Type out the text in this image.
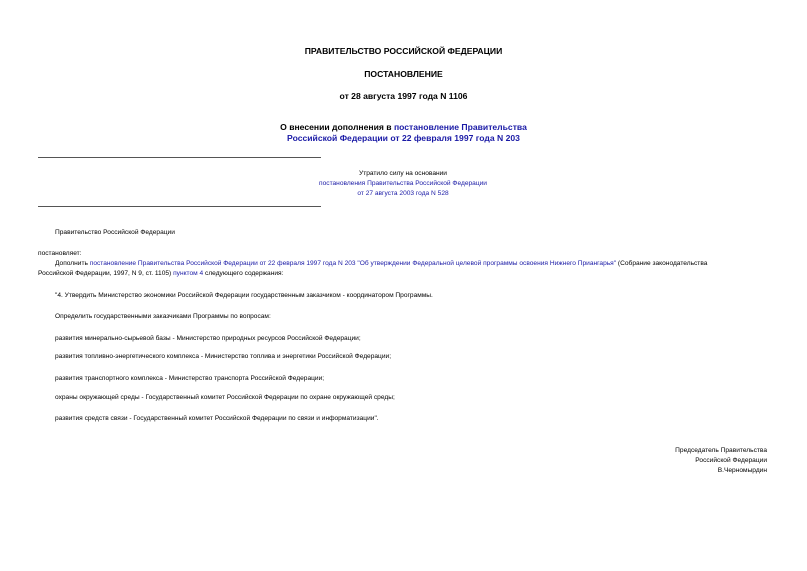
ПРАВИТЕЛЬСТВО РОССИЙСКОЙ ФЕДЕРАЦИИ
ПОСТАНОВЛЕНИЕ
от 28 августа 1997 года N 1106
О внесении дополнения в постановление Правительства
Российской Федерации от 22 февраля 1997 года N 203
Утратило силу на основании
постановления Правительства Российской Федерации
от 27 августа 2003 года N 528
Правительство Российской Федерации
постановляет:
Дополнить постановление Правительства Российской Федерации от 22 февраля 1997 года N 203 "Об утверждении Федеральной целевой программы освоения Нижнего Приангарья" (Собрание законодательства
Российской Федерации, 1997, N 9, ст. 1105) пунктом 4 следующего содержания:
"4. Утвердить Министерство экономики Российской Федерации государственным заказчиком - координатором Программы.
Определить государственными заказчиками Программы по вопросам:
развития минерально-сырьевой базы - Министерство природных ресурсов Российской Федерации;
развития топливно-энергетического комплекса - Министерство топлива и энергетики Российской Федерации;
развития транспортного комплекса - Министерство транспорта Российской Федерации;
охраны окружающей среды - Государственный комитет Российской Федерации по охране окружающей среды;
развития средств связи - Государственный комитет Российской Федерации по связи и информатизации".
Председатель Правительства
Российской Федерации
В.Черномырдин
